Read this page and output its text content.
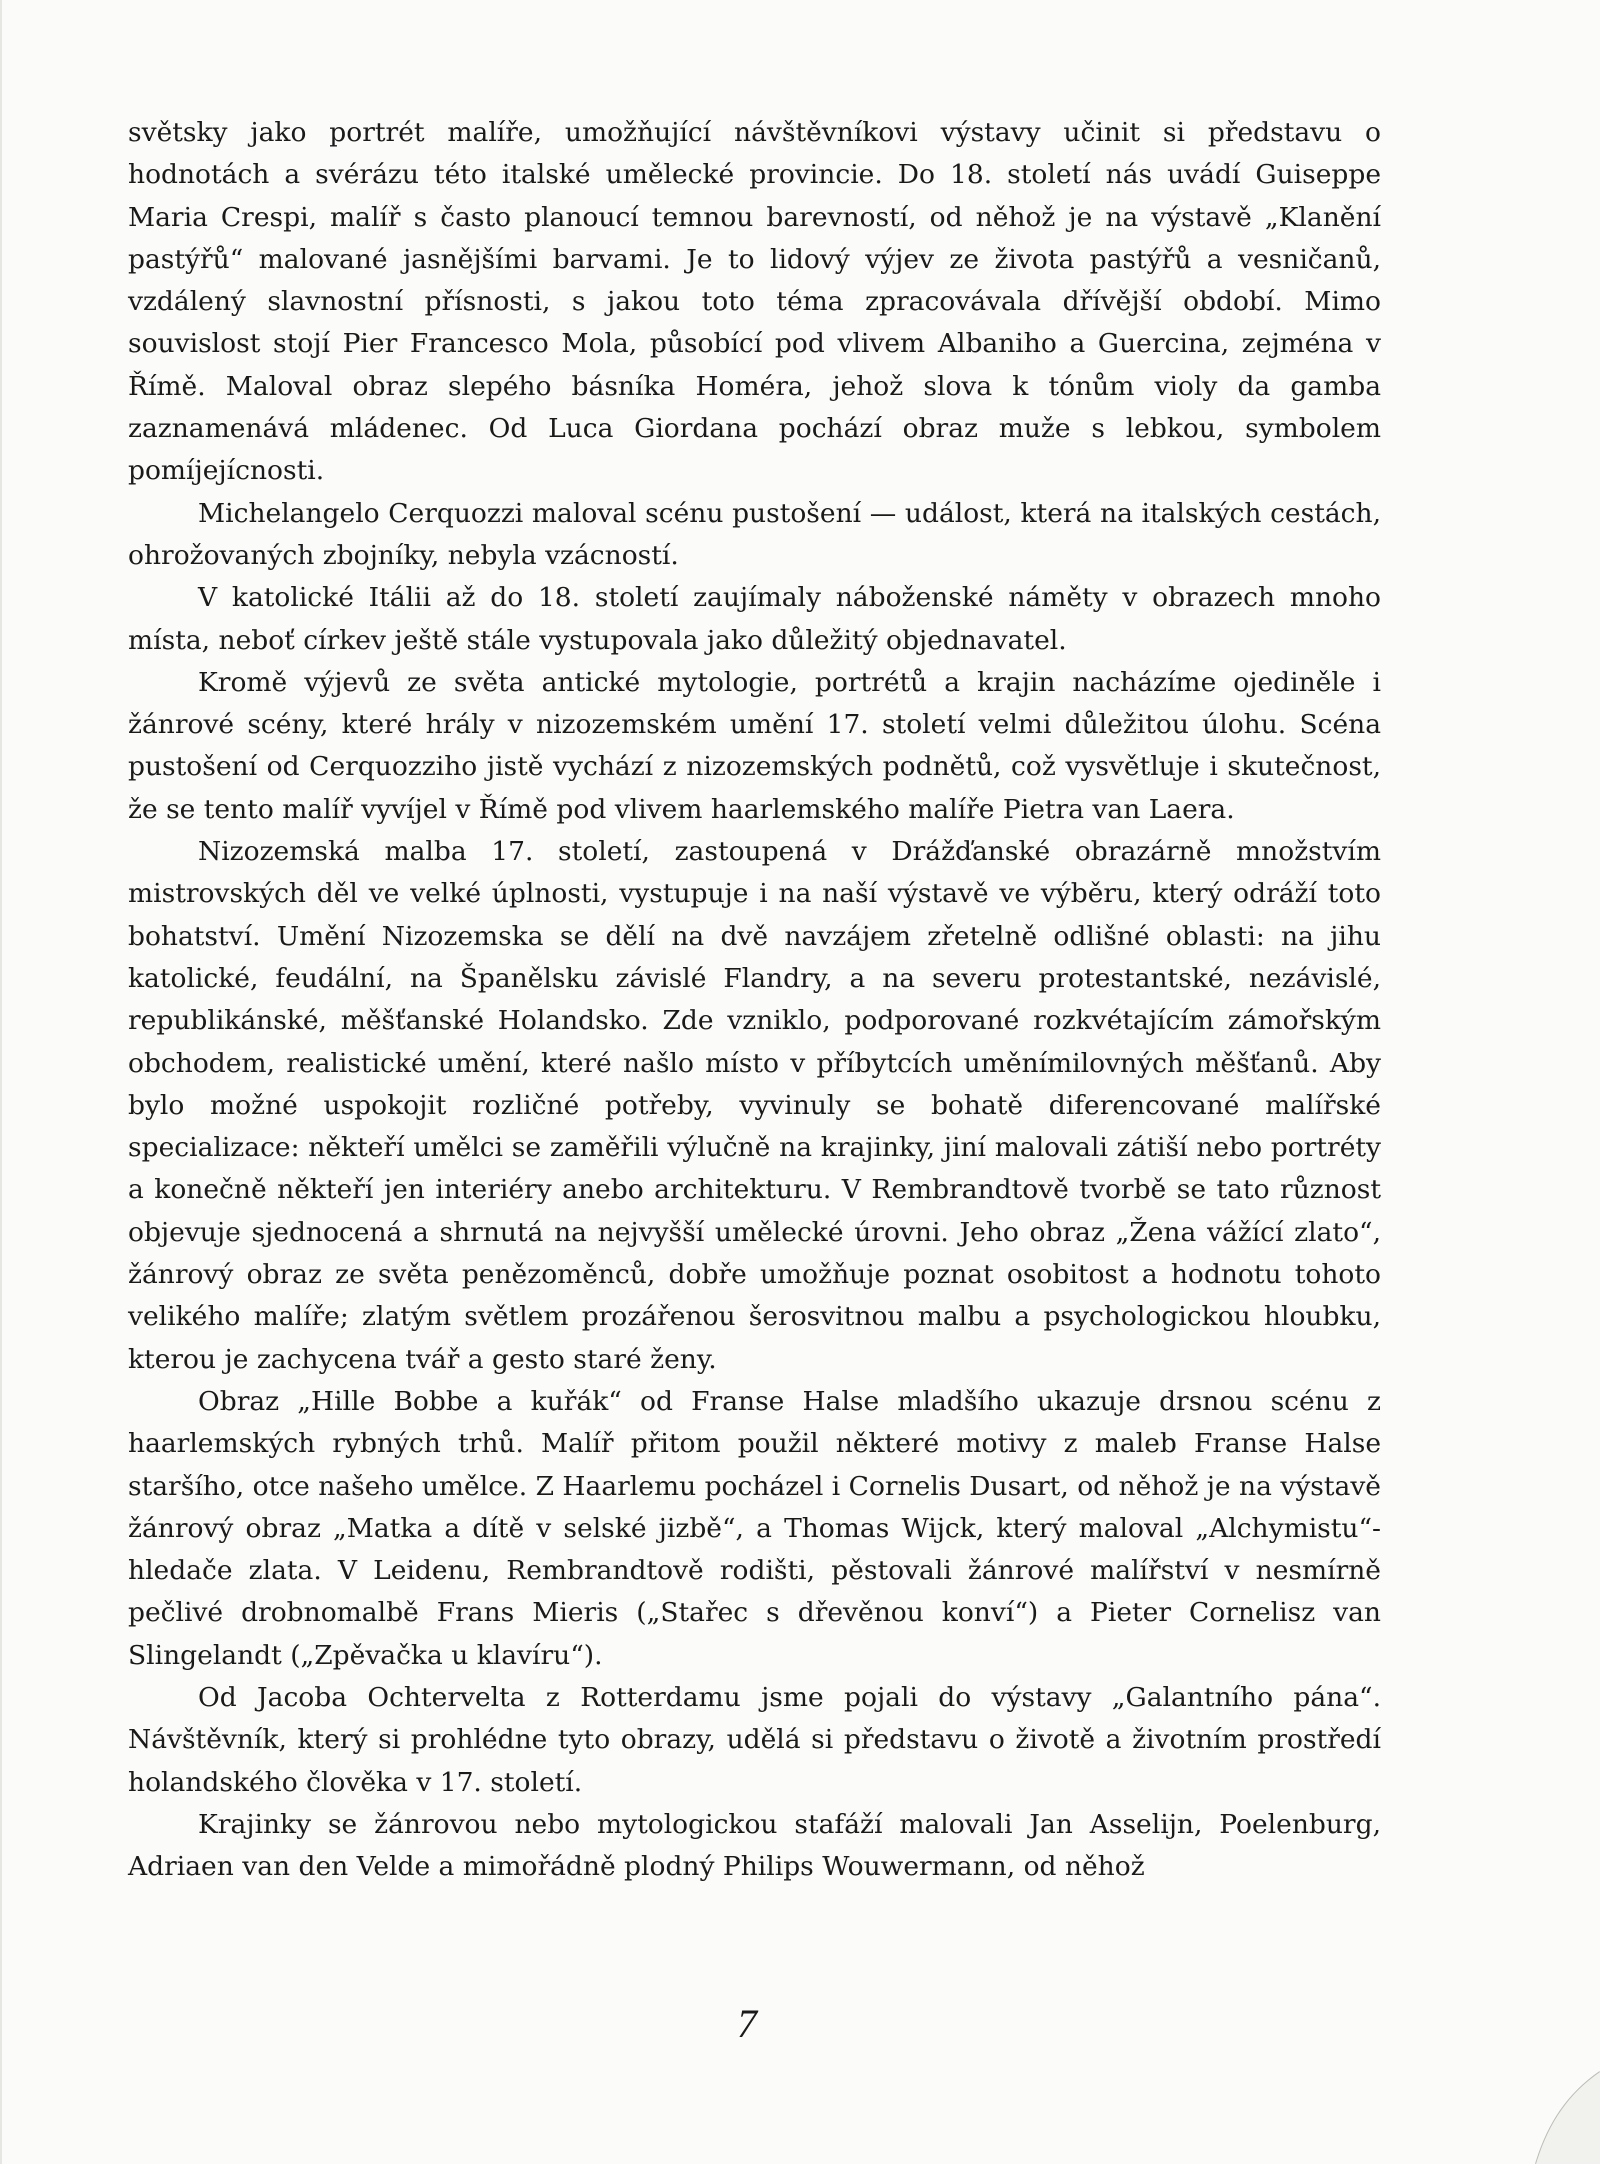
světsky jako portrét malíře, umožňující návštěvníkovi výstavy učinit si představu o hodnotách a svérázu této italské umělecké provincie. Do 18. století nás uvádí Guiseppe Maria Crespi, malíř s často planoucí temnou barevností, od něhož je na výstavě „Klanění pastýřů“ malované jasnějšími barvami. Je to lidový výjev ze života pastýřů a vesničanů, vzdálený slavnostní přísnosti, s jakou toto téma zpracovávala dřívější období. Mimo souvislost stojí Pier Francesco Mola, působící pod vlivem Albaniho a Guercina, zejména v Římě. Maloval obraz slepého básníka Homéra, jehož slova k tónům violy da gamba zaznamenává mládenec. Od Luca Giordana pochází obraz muže s lebkou, symbolem pomíjejícnosti.

Michelangelo Cerquozzi maloval scénu pustošení — událost, která na italských cestách, ohrožovaných zbojníky, nebyla vzácností.

V katolické Itálii až do 18. století zaujímaly náboženské náměty v obrazech mnoho místa, neboť církev ještě stále vystupovala jako důležitý objednavatel.

Kromě výjevů ze světa antické mytologie, portrétů a krajin nacházíme ojediněle i žánrové scény, které hrály v nizozemském umění 17. století velmi důležitou úlohu. Scéna pustošení od Cerquozziho jistě vychází z nizozemských podnětů, což vysvětluje i skutečnost, že se tento malíř vyvíjel v Římě pod vlivem haarlemského malíře Pietra van Laera.

Nizozemská malba 17. století, zastoupená v Drážďanské obrazárně množstvím mistrovských děl ve velké úplnosti, vystupuje i na naší výstavě ve výběru, který odráží toto bohatství. Umění Nizozemska se dělí na dvě navzájem zřetelně odlišné oblasti: na jihu katolické, feudální, na Španělsku závislé Flandry, a na severu protestantské, nezávislé, republikánské, měšťanské Holandsko. Zde vzniklo, podporované rozkvétajícím zámořským obchodem, realistické umění, které našlo místo v příbytcích uměnímilovných měšťanů. Aby bylo možné uspokojit rozličné potřeby, vyvinuly se bohatě diferencované malířské specializace: někteří umělci se zaměřili výlučně na krajinky, jiní malovali zátiší nebo portréty a konečně někteří jen interiéry anebo architekturu. V Rembrandtově tvorbě se tato různost objevuje sjednocená a shrnutá na nejvyšší umělecké úrovni. Jeho obraz „Žena vážící zlato“, žánrový obraz ze světa penězoměnců, dobře umožňuje poznat osobitost a hodnotu tohoto velikého malíře; zlatým světlem prozářenou šerosvitnou malbu a psychologickou hloubku, kterou je zachycena tvář a gesto staré ženy.

Obraz „Hille Bobbe a kuřák“ od Franse Halse mladšího ukazuje drsnou scénu z haarlemských rybných trhů. Malíř přitom použil některé motivy z maleb Franse Halse staršího, otce našeho umělce. Z Haarlemu pocházel i Cornelis Dusart, od něhož je na výstavě žánrový obraz „Matka a dítě v selské jizbě“, a Thomas Wijck, který maloval „Alchymistu“-hledače zlata. V Leidenu, Rembrandtově rodišti, pěstovali žánrové malířství v nesmírně pečlivé drobnomalbě Frans Mieris („Stařec s dřevěnou konví“) a Pieter Cornelisz van Slingelandt („Zpěvačka u klavíru“).

Od Jacoba Ochtervelta z Rotterdamu jsme pojali do výstavy „Galantního pána“. Návštěvník, který si prohlédne tyto obrazy, udělá si představu o životě a životním prostředí holandského člověka v 17. století.

Krajinky se žánrovou nebo mytologickou stafáží malovali Jan Asselijn, Poelenburg, Adriaen van den Velde a mimořádně plodný Philips Wouwermann, od něhož

7
